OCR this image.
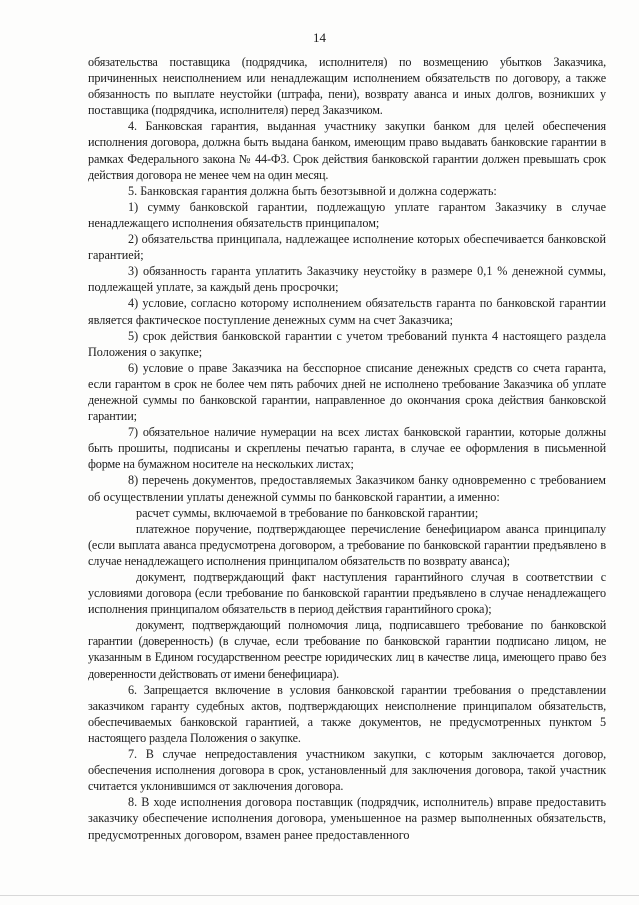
14

обязательства поставщика (подрядчика, исполнителя) по возмещению убытков Заказчика, причиненных неисполнением или ненадлежащим исполнением обязательств по договору, а также обязанность по выплате неустойки (штрафа, пени), возврату аванса и иных долгов, возникших у поставщика (подрядчика, исполнителя) перед Заказчиком.

4. Банковская гарантия, выданная участнику закупки банком для целей обеспечения исполнения договора, должна быть выдана банком, имеющим право выдавать банковские гарантии в рамках Федерального закона № 44-ФЗ. Срок действия банковской гарантии должен превышать срок действия договора не менее чем на один месяц.

5. Банковская гарантия должна быть безотзывной и должна содержать:

1) сумму банковской гарантии, подлежащую уплате гарантом Заказчику в случае ненадлежащего исполнения обязательств принципалом;

2) обязательства принципала, надлежащее исполнение которых обеспечивается банковской гарантией;

3) обязанность гаранта уплатить Заказчику неустойку в размере 0,1 % денежной суммы, подлежащей уплате, за каждый день просрочки;

4) условие, согласно которому исполнением обязательств гаранта по банковской гарантии является фактическое поступление денежных сумм на счет Заказчика;

5) срок действия банковской гарантии с учетом требований пункта 4 настоящего раздела Положения о закупке;

6) условие о праве Заказчика на бесспорное списание денежных средств со счета гаранта, если гарантом в срок не более чем пять рабочих дней не исполнено требование Заказчика об уплате денежной суммы по банковской гарантии, направленное до окончания срока действия банковской гарантии;

7) обязательное наличие нумерации на всех листах банковской гарантии, которые должны быть прошиты, подписаны и скреплены печатью гаранта, в случае ее оформления в письменной форме на бумажном носителе на нескольких листах;

8) перечень документов, предоставляемых Заказчиком банку одновременно с требованием об осуществлении уплаты денежной суммы по банковской гарантии, а именно:

расчет суммы, включаемой в требование по банковской гарантии;

платежное поручение, подтверждающее перечисление бенефициаром аванса принципалу (если выплата аванса предусмотрена договором, а требование по банковской гарантии предъявлено в случае ненадлежащего исполнения принципалом обязательств по возврату аванса);

документ, подтверждающий факт наступления гарантийного случая в соответствии с условиями договора (если требование по банковской гарантии предъявлено в случае ненадлежащего исполнения принципалом обязательств в период действия гарантийного срока);

документ, подтверждающий полномочия лица, подписавшего требование по банковской гарантии (доверенность) (в случае, если требование по банковской гарантии подписано лицом, не указанным в Едином государственном реестре юридических лиц в качестве лица, имеющего право без доверенности действовать от имени бенефициара).

6. Запрещается включение в условия банковской гарантии требования о представлении заказчиком гаранту судебных актов, подтверждающих неисполнение принципалом обязательств, обеспечиваемых банковской гарантией, а также документов, не предусмотренных пунктом 5 настоящего раздела Положения о закупке.

7. В случае непредоставления участником закупки, с которым заключается договор, обеспечения исполнения договора в срок, установленный для заключения договора, такой участник считается уклонившимся от заключения договора.

8. В ходе исполнения договора поставщик (подрядчик, исполнитель) вправе предоставить заказчику обеспечение исполнения договора, уменьшенное на размер выполненных обязательств, предусмотренных договором, взамен ранее предоставленного
